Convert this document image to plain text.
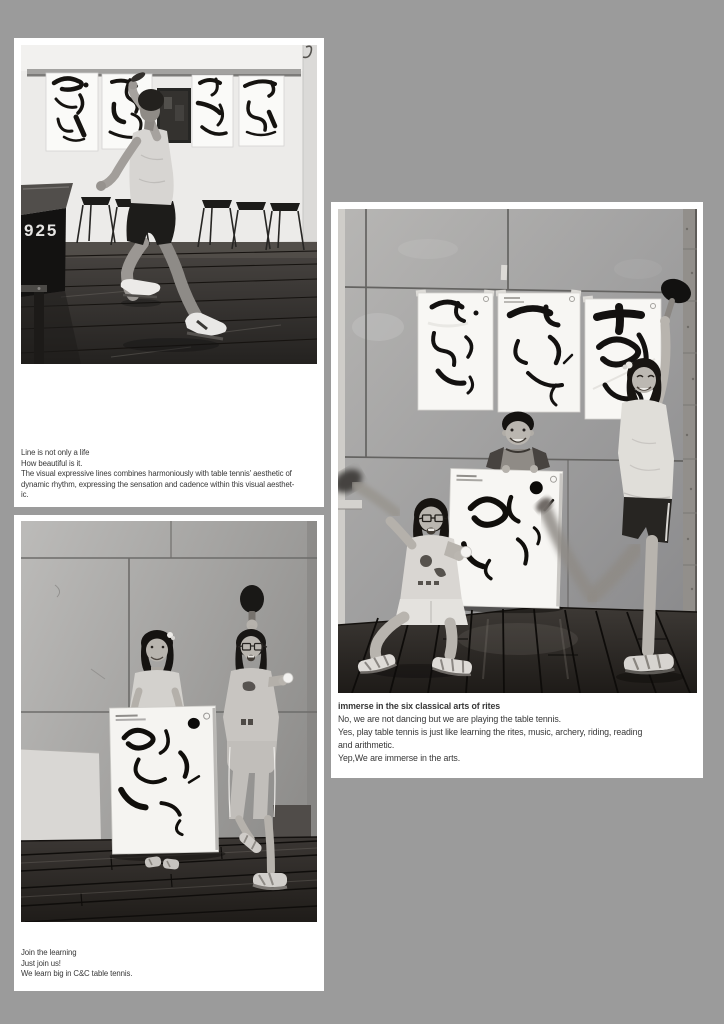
925
Line is not only a life
How beautiful is it.
The visual expressive lines combines harmoniously with table tennis' aesthetic of
dynamic rhythm, expressing the sensation and cadence within this visual aesthet-
ic.
Join the learning
Just join us!
We learn big in C&C table tennis.
immerse in the six classical arts of rites
No, we are not dancing but we are playing the table tennis.
Yes, play table tennis is just like learning the rites, music, archery, riding, reading
and arithmetic.
Yep,We are immerse in the arts.
